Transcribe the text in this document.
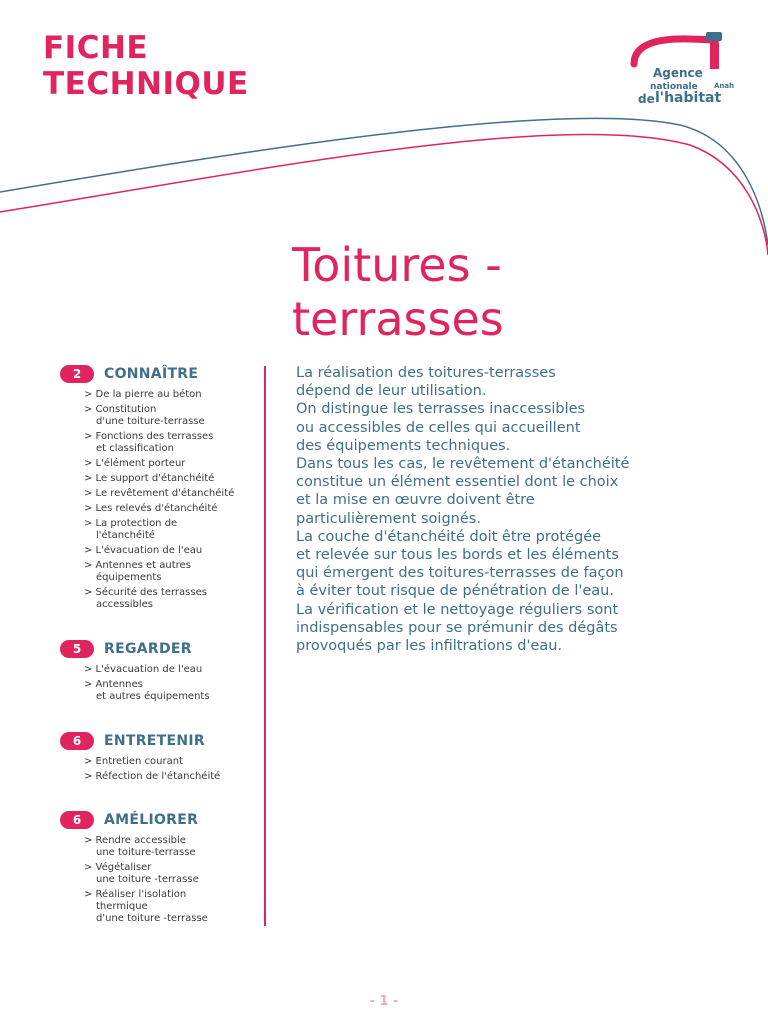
FICHE
TECHNIQUE	Agence
nationale
de l'habitat
Anah
Toitures -
terrasses
2	CONNAÎTRE
> De la pierre au béton
> Constitution
d'une toiture-terrasse
> Fonctions des terrasses
et classification
> L'élément porteur
> Le support d'étanchéité
> Le revêtement d'étanchéité
> Les relevés d'étanchéité
> La protection de
l'étanchéité
> L'évacuation de l'eau
> Antennes et autres
équipements
> Sécurité des terrasses
accessibles
5	REGARDER
> L'évacuation de l'eau
> Antennes
et autres équipements
6	ENTRETENIR
> Entretien courant
> Réfection de l'étanchéité
6	AMÉLIORER
> Rendre accessible
une toiture-terrasse
> Végétaliser
une toiture -terrasse
> Réaliser l'isolation
thermique
d'une toiture -terrasse

La réalisation des toitures-terrasses

dépend de leur utilisation.

On distingue les terrasses inaccessibles

ou accessibles de celles qui accueillent

des équipements techniques.

Dans tous les cas, le revêtement d'étanchéité

constitue un élément essentiel dont le choix

et la mise en œuvre doivent être

particulièrement soignés.

La couche d'étanchéité doit être protégée

et relevée sur tous les bords et les éléments

qui émergent des toitures-terrasses de façon

à éviter tout risque de pénétration de l'eau.

La vérification et le nettoyage réguliers sont

indispensables pour se prémunir des dégâts

provoqués par les infiltrations d'eau.

- 1 -
